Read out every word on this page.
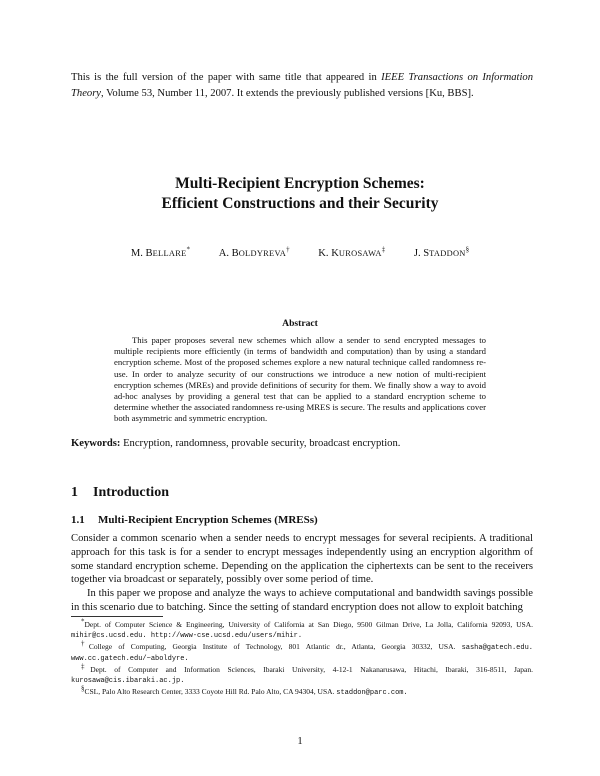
This is the full version of the paper with same title that appeared in IEEE Transactions on Information Theory, Volume 53, Number 11, 2007. It extends the previously published versions [Ku, BBS].
Multi-Recipient Encryption Schemes:
Efficient Constructions and their Security
M. BELLARE*	A. BOLDYREVA†	K. KUROSAWA‡	J. STADDON§
Abstract
This paper proposes several new schemes which allow a sender to send encrypted messages to multiple recipients more efficiently (in terms of bandwidth and computation) than by using a standard encryption scheme. Most of the proposed schemes explore a new natural technique called randomness re-use. In order to analyze security of our constructions we introduce a new notion of multi-recipient encryption schemes (MREs) and provide definitions of security for them. We finally show a way to avoid ad-hoc analyses by providing a general test that can be applied to a standard encryption scheme to determine whether the associated randomness re-using MRES is secure. The results and applications cover both asymmetric and symmetric encryption.
Keywords: Encryption, randomness, provable security, broadcast encryption.
1 Introduction
1.1 Multi-Recipient Encryption Schemes (MRESs)

Consider a common scenario when a sender needs to encrypt messages for several recipients. A traditional approach for this task is for a sender to encrypt messages independently using an encryption algorithm of some standard encryption scheme. Depending on the application the ciphertexts can be sent to the receivers together via broadcast or separately, possibly over some period of time.

In this paper we propose and analyze the ways to achieve computational and bandwidth savings possible in this scenario due to batching. Since the setting of standard encryption does not allow to exploit batching

*Dept. of Computer Science & Engineering, University of California at San Diego, 9500 Gilman Drive, La Jolla, California 92093, USA. mihir@cs.ucsd.edu. http://www-cse.ucsd.edu/users/mihir.

†College of Computing, Georgia Institute of Technology, 801 Atlantic dr., Atlanta, Georgia 30332, USA. sasha@gatech.edu. www.cc.gatech.edu/~aboldyre.

‡Dept. of Computer and Information Sciences, Ibaraki University, 4-12-1 Nakanarusawa, Hitachi, Ibaraki, 316-8511, Japan. kurosawa@cis.ibaraki.ac.jp.

§CSL, Palo Alto Research Center, 3333 Coyote Hill Rd. Palo Alto, CA 94304, USA. staddon@parc.com.

1
